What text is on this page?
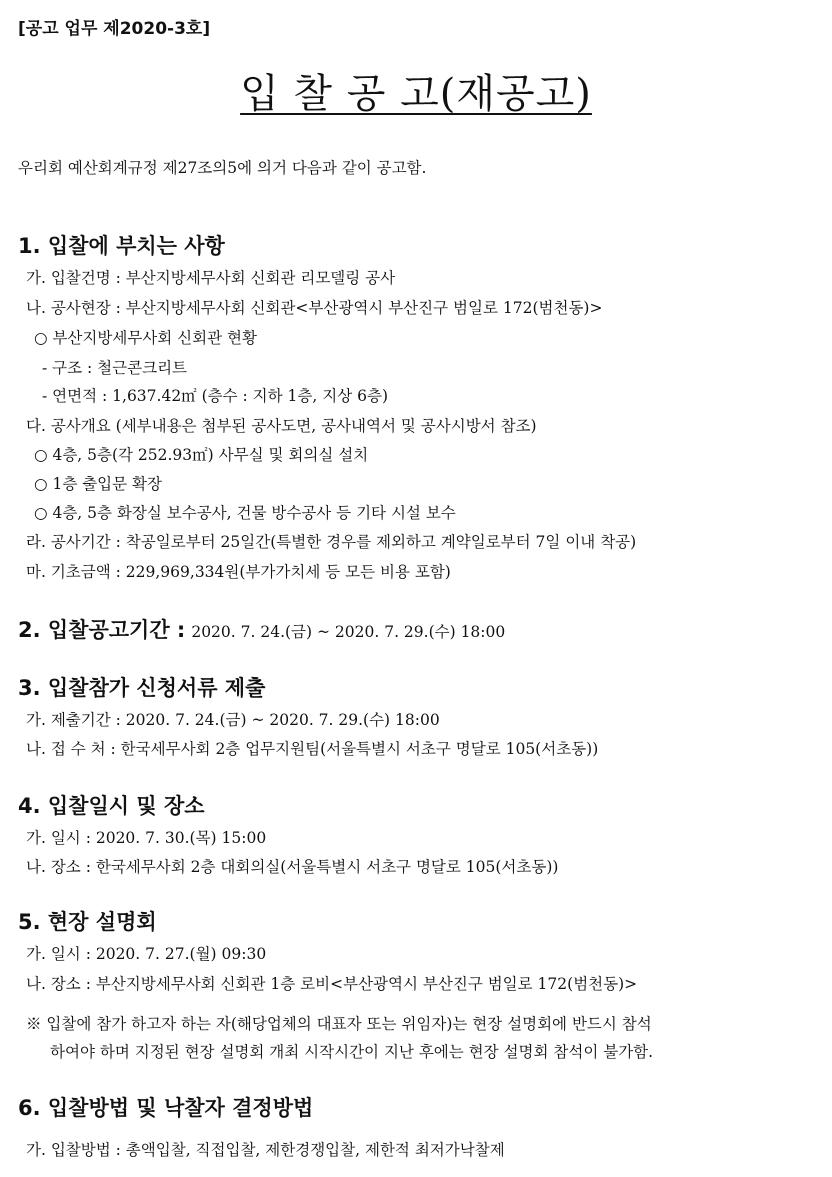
[공고 업무 제2020-3호]
입 찰 공 고(재공고)
우리회 예산회계규정 제27조의5에 의거 다음과 같이 공고함.
1. 입찰에 부치는 사항
가. 입찰건명 : 부산지방세무사회 신회관 리모델링 공사
나. 공사현장 : 부산지방세무사회 신회관<부산광역시 부산진구 범일로 172(범천동)>
○ 부산지방세무사회 신회관 현황
- 구조 : 철근콘크리트
- 연면적 : 1,637.42㎡ (층수 : 지하 1층, 지상 6층)
다. 공사개요 (세부내용은 첨부된 공사도면, 공사내역서 및 공사시방서 참조)
○ 4층, 5층(각 252.93㎡) 사무실 및 회의실 설치
○ 1층 출입문 확장
○ 4층, 5층 화장실 보수공사, 건물 방수공사 등 기타 시설 보수
라. 공사기간 : 착공일로부터 25일간(특별한 경우를 제외하고 계약일로부터 7일 이내 착공)
마. 기초금액 : 229,969,334원(부가가치세 등 모든 비용 포함)
2. 입찰공고기간 : 2020. 7. 24.(금) ~ 2020. 7. 29.(수) 18:00
3. 입찰참가 신청서류 제출
가. 제출기간 : 2020. 7. 24.(금) ~ 2020. 7. 29.(수) 18:00
나. 접 수 처 : 한국세무사회 2층 업무지원팀(서울특별시 서초구 명달로 105(서초동))
4. 입찰일시 및 장소
가. 일시 : 2020. 7. 30.(목) 15:00
나. 장소 : 한국세무사회 2층 대회의실(서울특별시 서초구 명달로 105(서초동))
5. 현장 설명회
가. 일시 : 2020. 7. 27.(월) 09:30
나. 장소 : 부산지방세무사회 신회관 1층 로비<부산광역시 부산진구 범일로 172(범천동)>
※ 입찰에 참가 하고자 하는 자(해당업체의 대표자 또는 위임자)는 현장 설명회에 반드시 참석
하여야 하며 지정된 현장 설명회 개최 시작시간이 지난 후에는 현장 설명회 참석이 불가함.
6. 입찰방법 및 낙찰자 결정방법
가. 입찰방법 : 총액입찰, 직접입찰, 제한경쟁입찰, 제한적 최저가낙찰제
